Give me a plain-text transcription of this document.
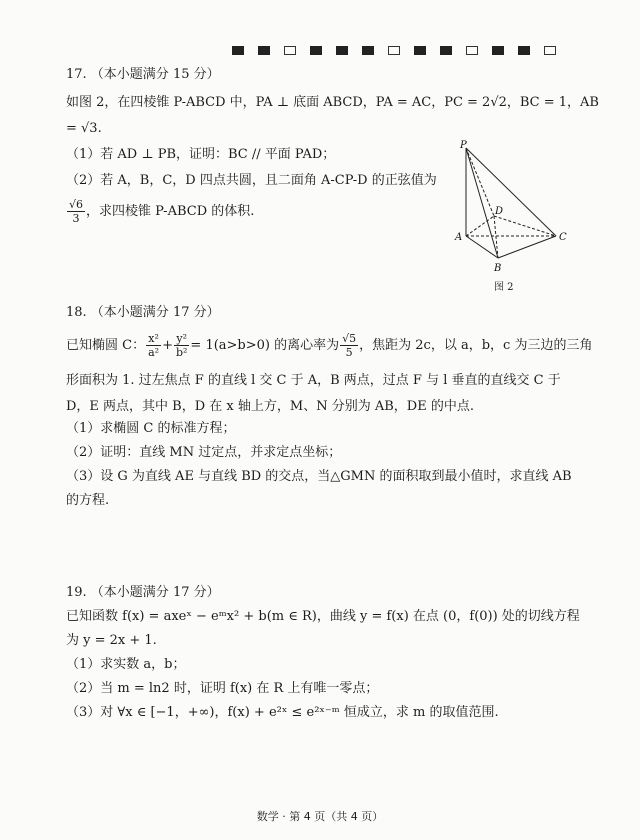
17. （本小题满分 15 分）
如图 2，在四棱锥 P-ABCD 中，PA ⊥ 底面 ABCD，PA = AC，PC = 2√2，BC = 1，AB
= √3.
（1）若 AD ⊥ PB，证明：BC // 平面 PAD；
（2）若 A，B，C，D 四点共圆，且二面角 A-CP-D 的正弦值为
$\frac{√6}{3}$ ，求四棱锥 P-ABCD 的体积.
P
A
B
C
D
图 2
18. （本小题满分 17 分）
已知椭圆 C： $\frac{\text{x²}}{\text{a²}} + \frac{\text{y²}}{\text{b²}} = 1(a>b>0)$ 的离心率为 $\frac{√5}{5}$ ，焦距为 2c，以 a，b，c 为三边的三角
形面积为 1. 过左焦点 F 的直线 l 交 C 于 A，B 两点，过点 F 与 l 垂直的直线交 C 于
D，E 两点，其中 B，D 在 x 轴上方，M、N 分别为 AB，DE 的中点.
（1）求椭圆 C 的标准方程；
（2）证明：直线 MN 过定点，并求定点坐标；
（3）设 G 为直线 AE 与直线 BD 的交点，当△GMN 的面积取到最小值时，求直线 AB
的方程.
19. （本小题满分 17 分）
已知函数 f(x) = axeˣ − eᵐx² + b(m ∈ R)，曲线 y = f(x) 在点 (0，f(0)) 处的切线方程
为 y = 2x + 1.
（1）求实数 a，b；
（2）当 m = ln2 时，证明 f(x) 在 R 上有唯一零点；
（3）对 ∀x ∈ [−1，+∞)，f(x) + e²ˣ ≤ e²ˣ⁻ᵐ 恒成立，求 m 的取值范围.
数学 · 第 4 页（共 4 页）
